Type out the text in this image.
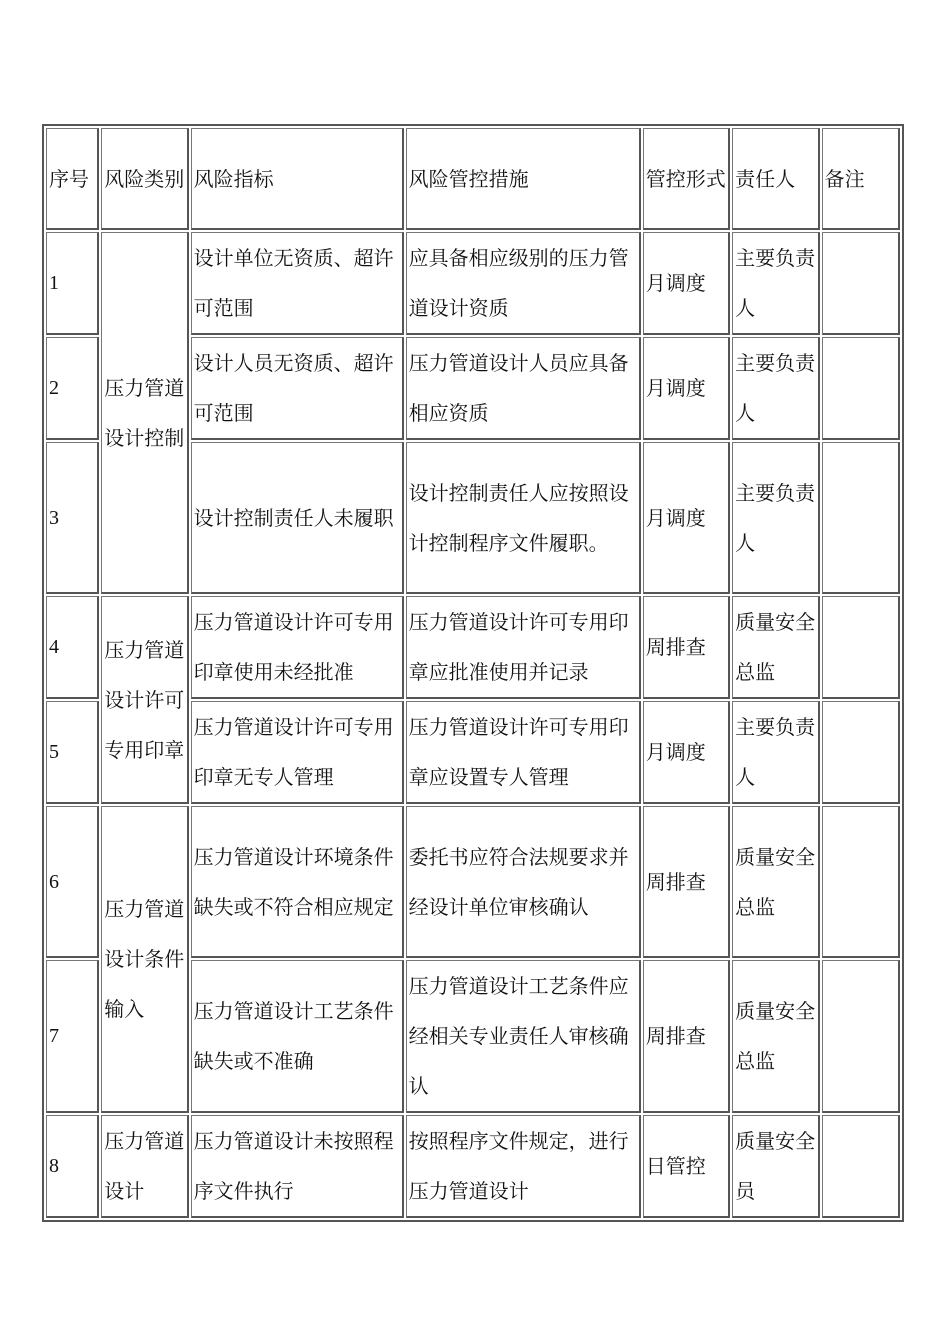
序号	风险类别	风险指标	风险管控措施	管控形式	责任人	备注
1	压力管道设计控制	设计单位无资质、超许可范围	应具备相应级别的压力管道设计资质	月调度	主要负责人	
2		设计人员无资质、超许可范围	压力管道设计人员应具备相应资质	月调度	主要负责人	
3		设计控制责任人未履职	设计控制责任人应按照设计控制程序文件履职。	月调度	主要负责人	
4	压力管道设计许可专用印章	压力管道设计许可专用印章使用未经批准	压力管道设计许可专用印章应批准使用并记录	周排查	质量安全总监	
5		压力管道设计许可专用印章无专人管理	压力管道设计许可专用印章应设置专人管理	月调度	主要负责人	
6	压力管道设计条件输入	压力管道设计环境条件缺失或不符合相应规定	委托书应符合法规要求并经设计单位审核确认	周排查	质量安全总监	
7		压力管道设计工艺条件缺失或不准确	压力管道设计工艺条件应经相关专业责任人审核确认	周排查	质量安全总监	
8	压力管道设计	压力管道设计未按照程序文件执行	按照程序文件规定，进行压力管道设计	日管控	质量安全员	
